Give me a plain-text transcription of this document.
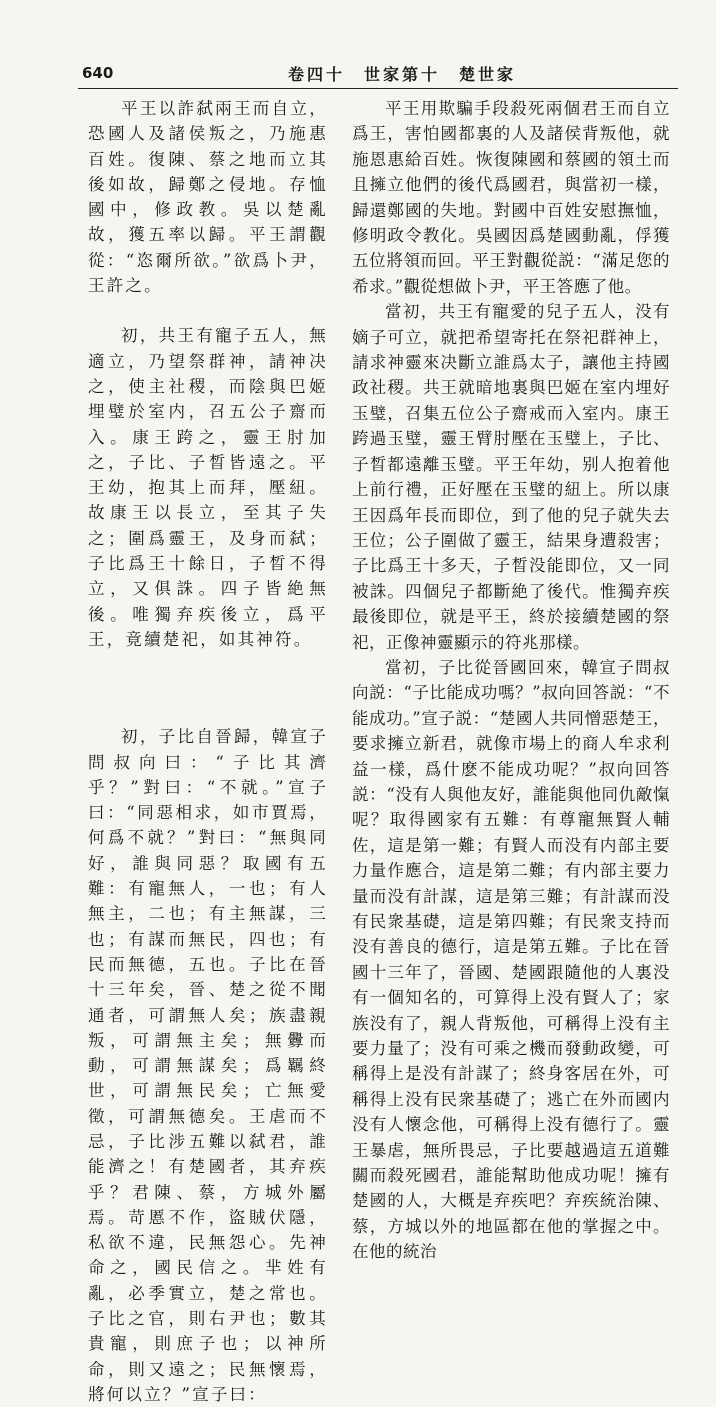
640	卷四十　世家第十　楚世家

平王以詐弑兩王而自立，恐國人及諸侯叛之，乃施惠百姓。復陳、蔡之地而立其後如故，歸鄭之侵地。存恤國中，修政教。吳以楚亂故，獲五率以歸。平王謂觀從：“恣爾所欲。”欲爲卜尹，王許之。

初，共王有寵子五人，無適立，乃望祭群神，請神决之，使主社稷，而陰與巴姬埋璧於室内，召五公子齋而入。康王跨之，靈王肘加之，子比、子晳皆遠之。平王幼，抱其上而拜，壓紐。故康王以長立，至其子失之；圍爲靈王，及身而弑；子比爲王十餘日，子晳不得立，又俱誅。四子皆絶無後。唯獨弃疾後立，爲平王，竟續楚祀，如其神符。

初，子比自晉歸，韓宣子問叔向曰：“子比其濟乎？”對曰：“不就。”宣子曰：“同惡相求，如市賈焉，何爲不就？”對曰：“無與同好，誰與同惡？取國有五難：有寵無人，一也；有人無主，二也；有主無謀，三也；有謀而無民，四也；有民而無德，五也。子比在晉十三年矣，晉、楚之從不聞通者，可謂無人矣；族盡親叛，可謂無主矣；無釁而動，可謂無謀矣；爲羈終世，可謂無民矣；亡無愛徵，可謂無德矣。王虐而不忌，子比涉五難以弑君，誰能濟之！有楚國者，其弃疾乎？君陳、蔡，方城外屬焉。苛慝不作，盜賊伏隱，私欲不違，民無怨心。先神命之，國民信之。芈姓有亂，必季實立，楚之常也。子比之官，則右尹也；數其貴寵，則庶子也；以神所命，則又遠之；民無懷焉，將何以立？”宣子曰：

平王用欺騙手段殺死兩個君王而自立爲王，害怕國都裏的人及諸侯背叛他，就施恩惠給百姓。恢復陳國和蔡國的領土而且擁立他們的後代爲國君，與當初一樣，歸還鄭國的失地。對國中百姓安慰撫恤，修明政令教化。吳國因爲楚國動亂，俘獲五位將領而回。平王對觀從説：“滿足您的希求。”觀從想做卜尹，平王答應了他。

當初，共王有寵愛的兒子五人，没有嫡子可立，就把希望寄托在祭祀群神上，請求神靈來决斷立誰爲太子，讓他主持國政社稷。共王就暗地裏與巴姬在室内埋好玉璧，召集五位公子齋戒而入室内。康王跨過玉璧，靈王臂肘壓在玉璧上，子比、子晳都遠離玉璧。平王年幼，别人抱着他上前行禮，正好壓在玉璧的紐上。所以康王因爲年長而即位，到了他的兒子就失去王位；公子圍做了靈王，結果身遭殺害；子比爲王十多天，子晳没能即位，又一同被誅。四個兒子都斷絶了後代。惟獨弃疾最後即位，就是平王，終於接續楚國的祭祀，正像神靈顯示的符兆那樣。

當初，子比從晉國回來，韓宣子問叔向説：“子比能成功嗎？”叔向回答説：“不能成功。”宣子説：“楚國人共同憎惡楚王，要求擁立新君，就像市場上的商人牟求利益一樣，爲什麽不能成功呢？”叔向回答説：“没有人與他友好，誰能與他同仇敵愾呢？取得國家有五難：有尊寵無賢人輔佐，這是第一難；有賢人而没有内部主要力量作應合，這是第二難；有内部主要力量而没有計謀，這是第三難；有計謀而没有民衆基礎，這是第四難；有民衆支持而没有善良的德行，這是第五難。子比在晉國十三年了，晉國、楚國跟隨他的人裏没有一個知名的，可算得上没有賢人了；家族没有了，親人背叛他，可稱得上没有主要力量了；没有可乘之機而發動政變，可稱得上是没有計謀了；終身客居在外，可稱得上没有民衆基礎了；逃亡在外而國内没有人懷念他，可稱得上没有德行了。靈王暴虐，無所畏忌，子比要越過這五道難關而殺死國君，誰能幫助他成功呢！擁有楚國的人，大概是弃疾吧？弃疾統治陳、蔡，方城以外的地區都在他的掌握之中。在他的統治
